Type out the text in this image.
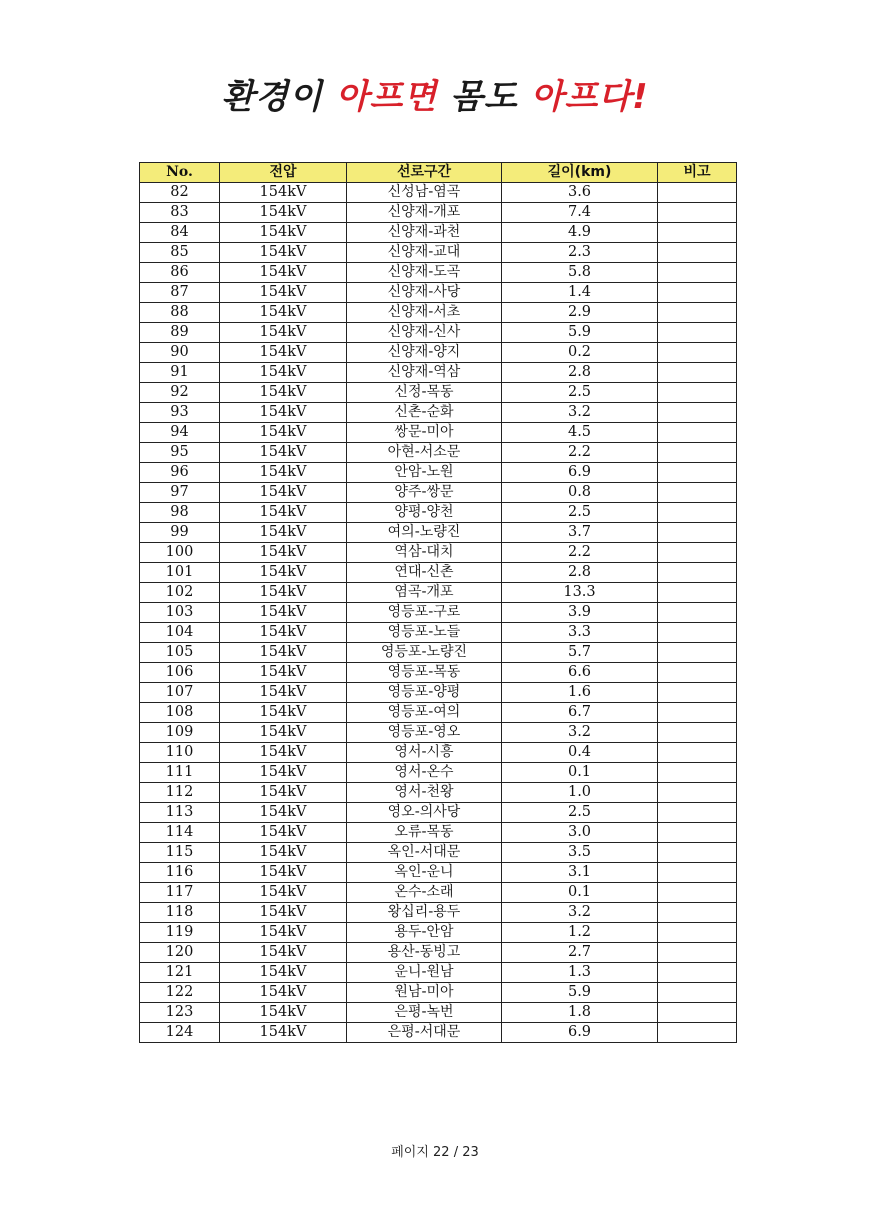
환경이 아프면 몸도 아프다!
No.	전압	선로구간	길이(km)	비고
82	154kV	신성남-염곡	3.6	
83	154kV	신양재-개포	7.4	
84	154kV	신양재-과천	4.9	
85	154kV	신양재-교대	2.3	
86	154kV	신양재-도곡	5.8	
87	154kV	신양재-사당	1.4	
88	154kV	신양재-서초	2.9	
89	154kV	신양재-신사	5.9	
90	154kV	신양재-양지	0.2	
91	154kV	신양재-역삼	2.8	
92	154kV	신정-목동	2.5	
93	154kV	신촌-순화	3.2	
94	154kV	쌍문-미아	4.5	
95	154kV	아현-서소문	2.2	
96	154kV	안암-노원	6.9	
97	154kV	양주-쌍문	0.8	
98	154kV	양평-양천	2.5	
99	154kV	여의-노량진	3.7	
100	154kV	역삼-대치	2.2	
101	154kV	연대-신촌	2.8	
102	154kV	염곡-개포	13.3	
103	154kV	영등포-구로	3.9	
104	154kV	영등포-노들	3.3	
105	154kV	영등포-노량진	5.7	
106	154kV	영등포-목동	6.6	
107	154kV	영등포-양평	1.6	
108	154kV	영등포-여의	6.7	
109	154kV	영등포-영오	3.2	
110	154kV	영서-시흥	0.4	
111	154kV	영서-온수	0.1	
112	154kV	영서-천왕	1.0	
113	154kV	영오-의사당	2.5	
114	154kV	오류-목동	3.0	
115	154kV	옥인-서대문	3.5	
116	154kV	옥인-운니	3.1	
117	154kV	온수-소래	0.1	
118	154kV	왕십리-용두	3.2	
119	154kV	용두-안암	1.2	
120	154kV	용산-동빙고	2.7	
121	154kV	운니-원남	1.3	
122	154kV	원남-미아	5.9	
123	154kV	은평-녹번	1.8	
124	154kV	은평-서대문	6.9	
페이지 22 / 23
